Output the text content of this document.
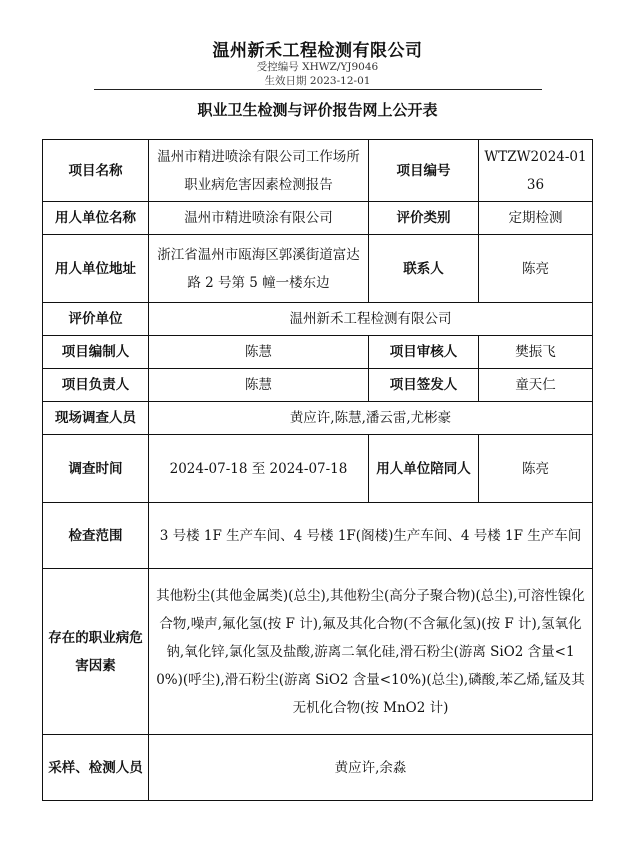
温州新禾工程检测有限公司
受控编号 XHWZ/YJ9046
生效日期 2023-12-01
职业卫生检测与评价报告网上公开表
项目名称	温州市精进喷涂有限公司工作场所职业病危害因素检测报告	项目编号	WTZW2024-0136
用人单位名称	温州市精进喷涂有限公司	评价类别	定期检测
用人单位地址	浙江省温州市瓯海区郭溪街道富达路 2 号第 5 幢一楼东边	联系人	陈亮
评价单位	温州新禾工程检测有限公司		
项目编制人	陈慧	项目审核人	樊振飞
项目负责人	陈慧	项目签发人	童天仁
现场调查人员	黄应许,陈慧,潘云雷,尤彬豪		
调查时间	2024-07-18 至 2024-07-18	用人单位陪同人	陈亮
检查范围	3 号楼 1F 生产车间、4 号楼 1F(阁楼)生产车间、4 号楼 1F 生产车间		
存在的职业病危害因素	其他粉尘(其他金属类)(总尘),其他粉尘(高分子聚合物)(总尘),可溶性镍化合物,噪声,氟化氢(按 F 计),氟及其化合物(不含氟化氢)(按 F 计),氢氧化钠,氧化锌,氯化氢及盐酸,游离二氧化硅,滑石粉尘(游离 SiO2 含量<10%)(呼尘),滑石粉尘(游离 SiO2 含量<10%)(总尘),磷酸,苯乙烯,锰及其无机化合物(按 MnO2 计)		
采样、检测人员	黄应许,余淼		
